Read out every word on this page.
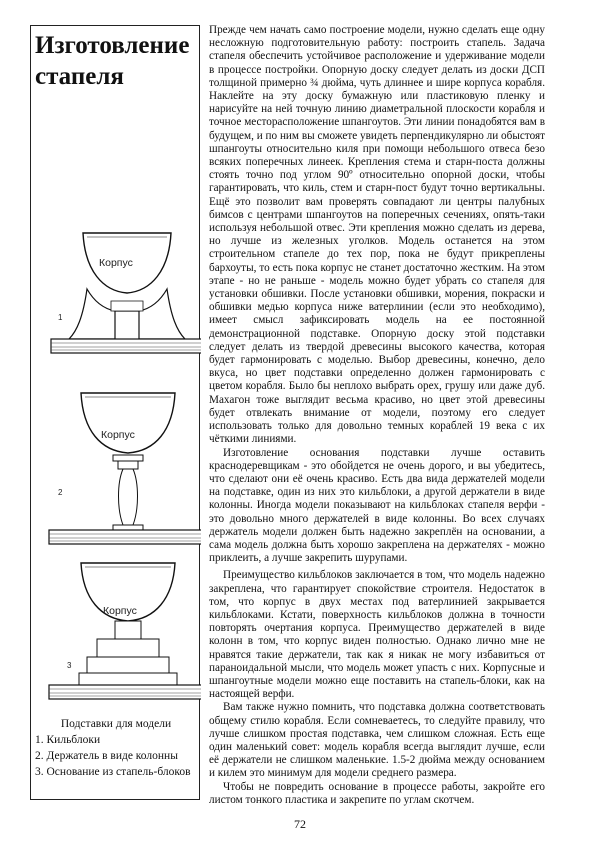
Изготовление стапеля
Корпус
1
Корпус
2
Корпус
3
Подставки для модели
1. Кильблоки
2. Держатель в виде колонны
3. Основание из стапель-блоков

Прежде чем начать само построение модели, нужно сделать еще одну несложную подготовительную работу: построить стапель. Задача стапеля обеспечить устойчивое расположение и удерживание модели в процессе постройки. Опорную доску следует делать из доски ДСП толщиной примерно ¾ дюйма, чуть длиннее и шире корпуса корабля. Наклейте на эту доску бумажную или пластиковую пленку и нарисуйте на ней точную линию диаметральной плоскости корабля и точное месторасположение шпангоутов. Эти линии понадобятся вам в будущем, и по ним вы сможете увидеть перпендикулярно ли обыстоят шпангоуты относительно киля при помощи небольшого отвеса безо всяких поперечных линеек. Крепления стема и старн-поста должны стоять точно под углом 90º относительно опорной доски, чтобы гарантировать, что киль, стем и старн-пост будут точно вертикальны. Ещё это позволит вам проверять совпадают ли центры палубных бимсов с центрами шпангоутов на поперечных сечениях, опять-таки используя небольшой отвес. Эти крепления можно сделать из дерева, но лучше из железных уголков. Модель останется на этом строительном стапеле до тех пор, пока не будут прикреплены бархоуты, то есть пока корпус не станет достаточно жестким. На этом этапе - но не раньше - модель можно будет убрать со стапеля для установки обшивки. После установки обшивки, морения, покраски и обшивки медью корпуса ниже ватерлинии (если это необходимо), имеет смысл зафиксировать модель на ее постоянной демонстрационной подставке. Опорную доску этой подставки следует делать из твердой древесины высокого качества, которая будет гармонировать с моделью. Выбор древесины, конечно, дело вкуса, но цвет подставки определенно должен гармонировать с цветом корабля. Было бы неплохо выбрать орех, грушу или даже дуб. Махагон тоже выглядит весьма красиво, но цвет этой древесины будет отвлекать внимание от модели, поэтому его следует использовать только для довольно темных кораблей 19 века с их чёткими линиями.

Изготовление основания подставки лучше оставить краснодеревщикам - это обойдется не очень дорого, и вы убедитесь, что сделают они её очень красиво. Есть два вида держателей модели на подставке, один из них это кильблоки, а другой держатели в виде колонны. Иногда модели показывают на кильблоках стапеля верфи - это довольно много держателей в виде колонны. Во всех случаях держатель модели должен быть надежно закреплён на основании, а сама модель должна быть хорошо закреплена на держателях - можно приклеить, а лучше закрепить шурупами.

Преимущество кильблоков заключается в том, что модель надежно закреплена, что гарантирует спокойствие строителя. Недостаток в том, что корпус в двух местах под ватерлинией закрывается кильблоками. Кстати, поверхность кильблоков должна в точности повторять очертания корпуса. Преимущество держателей в виде колонн в том, что корпус виден полностью. Однако лично мне не нравятся такие держатели, так как я никак не могу избавиться от параноидальной мысли, что модель может упасть с них. Корпусные и шпангоутные модели можно еще поставить на стапель-блоки, как на настоящей верфи.

Вам также нужно помнить, что подставка должна соответствовать общему стилю корабля. Если сомневаетесь, то следуйте правилу, что лучше слишком простая подставка, чем слишком сложная. Есть еще один маленький совет: модель корабля всегда выглядит лучше, если её держатели не слишком маленькие. 1.5-2 дюйма между основанием и килем это минимум для модели среднего размера.

Чтобы не повредить основание в процессе работы, закройте его листом тонкого пластика и закрепите по углам скотчем.

72
